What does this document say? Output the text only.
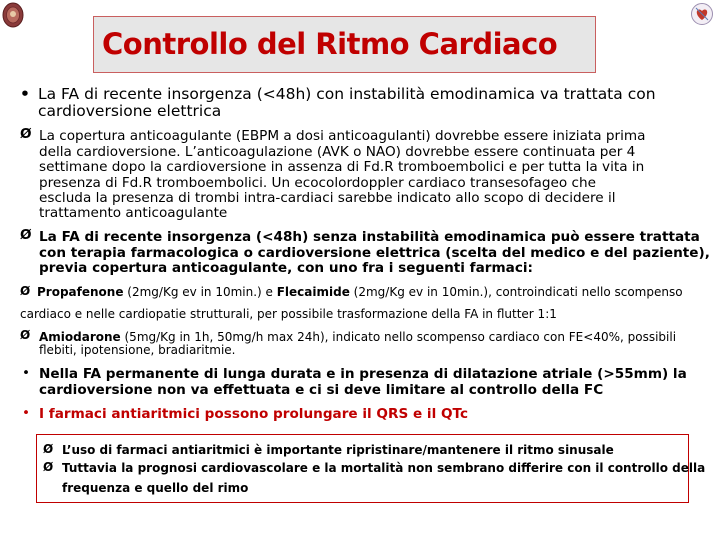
Controllo del Ritmo Cardiaco
• La FA di recente insorgenza (<48h) con instabilità emodinamica va trattata con
cardioversione elettrica
Ø La copertura anticoagulante (EBPM a dosi anticoagulanti) dovrebbe essere iniziata prima
della cardioversione. L’anticoagulazione (AVK o NAO) dovrebbe essere continuata per 4
settimane dopo la cardioversione in assenza di Fd.R tromboembolici e per tutta la vita in
presenza di Fd.R tromboembolici. Un ecocolordoppler cardiaco transesofageo che
escluda la presenza di trombi intra-cardiaci sarebbe indicato allo scopo di decidere il
trattamento anticoagulante
Ø La FA di recente insorgenza (<48h) senza instabilità emodinamica può essere trattata
con terapia farmacologica o cardioversione elettrica (scelta del medico e del paziente),
previa copertura anticoagulante, con uno fra i seguenti farmaci:
Ø Propafenone (2mg/Kg ev in 10min.) e Flecaimide (2mg/Kg ev in 10min.), controindicati nello scompenso
cardiaco e nelle cardiopatie strutturali, per possibile trasformazione della FA in flutter 1:1
Ø Amiodarone (5mg/Kg in 1h, 50mg/h max 24h), indicato nello scompenso cardiaco con FE<40%, possibili
flebiti, ipotensione, bradiaritmie.
• Nella FA permanente di lunga durata e in presenza di dilatazione atriale (>55mm) la
cardioversione non va effettuata e ci si deve limitare al controllo della FC
• I farmaci antiaritmici possono prolungare il QRS e il QTc
Ø L’uso di farmaci antiaritmici è importante ripristinare/mantenere il ritmo sinusale
Ø Tuttavia la prognosi cardiovascolare e la mortalità non sembrano differire con il controllo della
frequenza e quello del rimo
